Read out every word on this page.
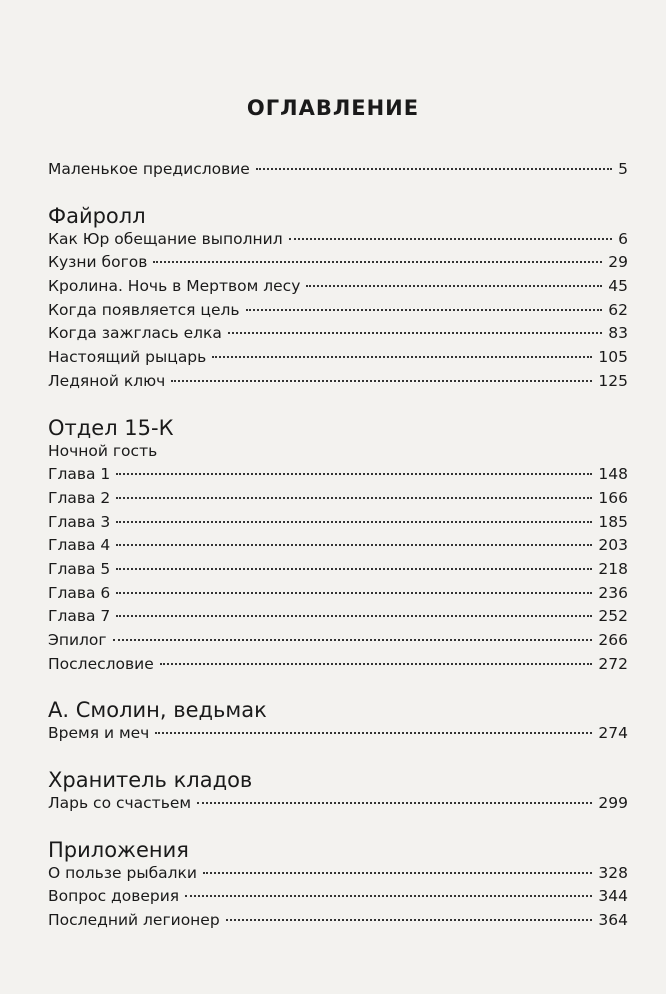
ОГЛАВЛЕНИЕ
Маленькое предисловие	5
Файролл
Как Юр обещание выполнил	6
Кузни богов	29
Кролина. Ночь в Мертвом лесу	45
Когда появляется цель	62
Когда зажглась елка	83
Настоящий рыцарь	105
Ледяной ключ	125
Отдел 15-К
Ночной гость
Глава 1	148
Глава 2	166
Глава 3	185
Глава 4	203
Глава 5	218
Глава 6	236
Глава 7	252
Эпилог	266
Послесловие	272
А. Смолин, ведьмак
Время и меч	274
Хранитель кладов
Ларь со счастьем	299
Приложения
О пользе рыбалки	328
Вопрос доверия	344
Последний легионер	364
